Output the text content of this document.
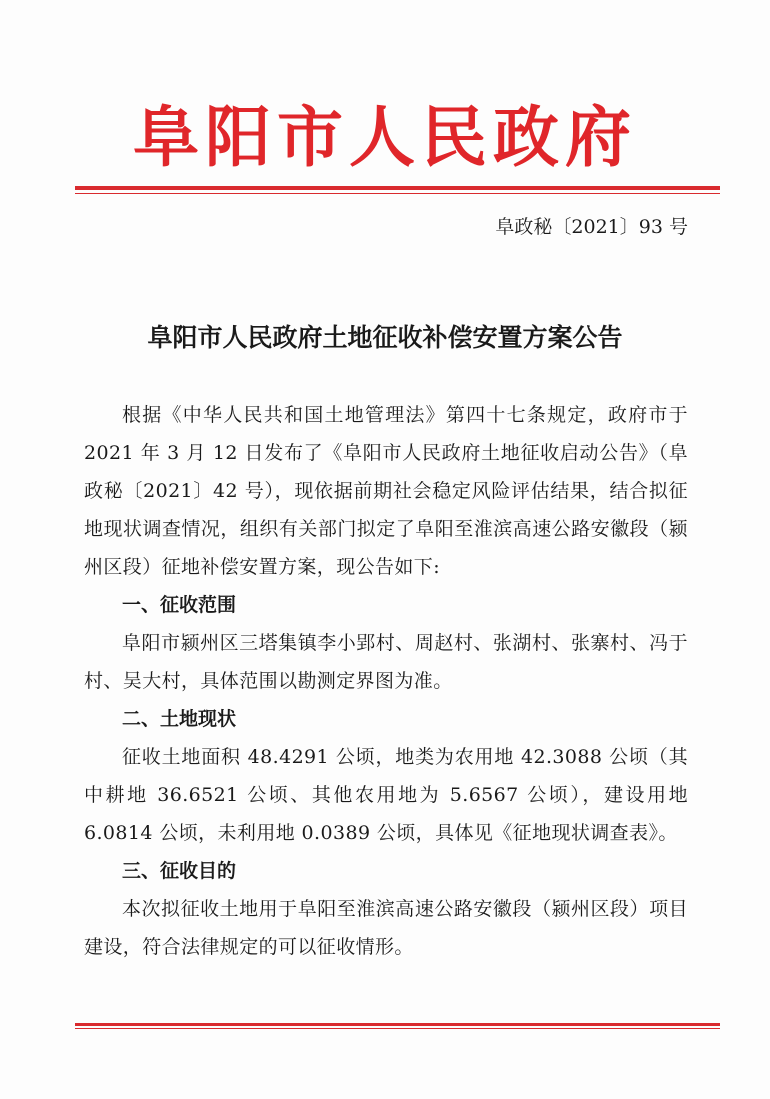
阜阳市人民政府
阜政秘〔2021〕93 号
阜阳市人民政府土地征收补偿安置方案公告

根据《中华人民共和国土地管理法》第四十七条规定，政府市于 2021 年 3 月 12 日发布了《阜阳市人民政府土地征收启动公告》（阜政秘〔2021〕42 号），现依据前期社会稳定风险评估结果，结合拟征地现状调查情况，组织有关部门拟定了阜阳至淮滨高速公路安徽段（颍州区段）征地补偿安置方案，现公告如下:

一、征收范围

阜阳市颍州区三塔集镇李小郢村、周赵村、张湖村、张寨村、冯于村、吴大村，具体范围以勘测定界图为准。

二、土地现状

征收土地面积 48.4291 公顷，地类为农用地 42.3088 公顷（其中耕地 36.6521 公顷、其他农用地为 5.6567 公顷），建设用地 6.0814 公顷，未利用地 0.0389 公顷，具体见《征地现状调查表》。

三、征收目的

本次拟征收土地用于阜阳至淮滨高速公路安徽段（颍州区段）项目建设，符合法律规定的可以征收情形。
